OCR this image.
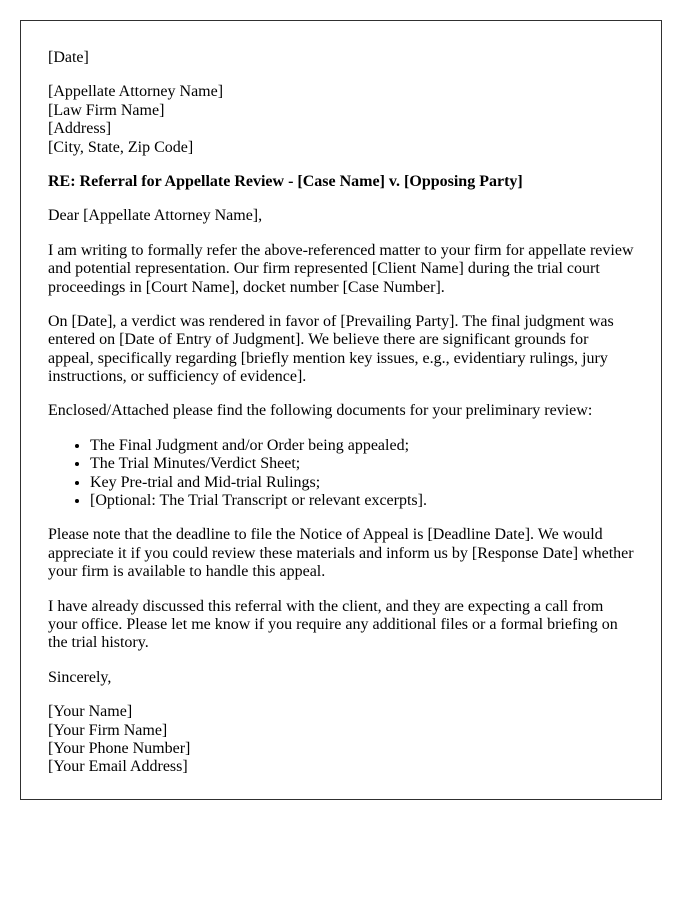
[Date]

[Appellate Attorney Name]
[Law Firm Name]
[Address]
[City, State, Zip Code]

RE: Referral for Appellate Review - [Case Name] v. [Opposing Party]

Dear [Appellate Attorney Name],

I am writing to formally refer the above-referenced matter to your firm for appellate review and potential representation. Our firm represented [Client Name] during the trial court proceedings in [Court Name], docket number [Case Number].

On [Date], a verdict was rendered in favor of [Prevailing Party]. The final judgment was entered on [Date of Entry of Judgment]. We believe there are significant grounds for appeal, specifically regarding [briefly mention key issues, e.g., evidentiary rulings, jury instructions, or sufficiency of evidence].

Enclosed/Attached please find the following documents for your preliminary review:

• The Final Judgment and/or Order being appealed;
• The Trial Minutes/Verdict Sheet;
• Key Pre-trial and Mid-trial Rulings;
• [Optional: The Trial Transcript or relevant excerpts].

Please note that the deadline to file the Notice of Appeal is [Deadline Date]. We would appreciate it if you could review these materials and inform us by [Response Date] whether your firm is available to handle this appeal.

I have already discussed this referral with the client, and they are expecting a call from your office. Please let me know if you require any additional files or a formal briefing on the trial history.

Sincerely,

[Your Name]
[Your Firm Name]
[Your Phone Number]
[Your Email Address]
